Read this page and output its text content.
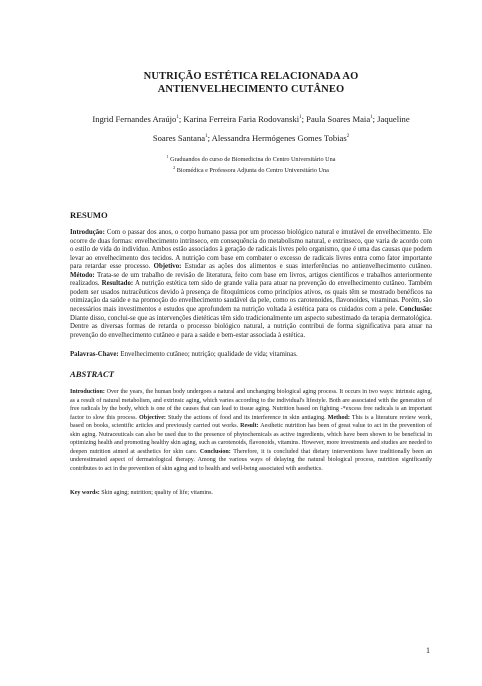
NUTRIÇÃO ESTÉTICA RELACIONADA AO
ANTIENVELHECIMENTO CUTÂNEO
Ingrid Fernandes Araújo$^1$; Karina Ferreira Faria Rodovanski$^1$; Paula Soares Maia$^1$; Jaqueline
Soares Santana$^1$; Alessandra Hermógenes Gomes Tobias$^2$
$^1$ Graduandos do curso de Biomedicina do Centro Universitário Una
$^2$ Biomédica e Professora Adjunta do Centro Universitário Una
RESUMO

Introdução: Com o passar dos anos, o corpo humano passa por um processo biológico natural e imutável de envelhecimento. Ele ocorre de duas formas: envelhecimento intrínseco, em consequência do metabolismo natural, e extrínseco, que varia de acordo com o estilo de vida do indivíduo. Ambos estão associados à geração de radicais livres pelo organismo, que é uma das causas que podem levar ao envelhecimento dos tecidos. A nutrição com base em combater o excesso de radicais livres entra como fator importante para retardar esse processo. Objetivo: Estudar as ações dos alimentos e suas interferências no antienvelhecimento cutâneo. Método: Trata-se de um trabalho de revisão de literatura, feito com base em livros, artigos científicos e trabalhos anteriormente realizados. Resultado: A nutrição estética tem sido de grande valia para atuar na prevenção do envelhecimento cutâneo. Também podem ser usados nutracêuticos devido à presença de fitoquímicos como princípios ativos, os quais têm se mostrado benéficos na otimização da saúde e na promoção do envelhecimento saudável da pele, como os carotenoides, flavonoides, vitaminas. Porém, são necessários mais investimentos e estudos que aprofundem na nutrição voltada à estética para os cuidados com a pele. Conclusão: Diante disso, conclui-se que as intervenções dietéticas têm sido tradicionalmente um aspecto subestimado da terapia dermatológica. Dentre as diversas formas de retarda o processo biológico natural, a nutrição contribui de forma significativa para atuar na prevenção do envelhecimento cutâneo e para a saúde e bem-estar associada à estética.

Palavras-Chave: Envelhecimento cutâneo; nutrição; qualidade de vida; vitaminas.

ABSTRACT

Introduction: Over the years, the human body undergoes a natural and unchanging biological aging process. It occurs in two ways: intrinsic aging, as a result of natural metabolism, and extrinsic aging, which varies according to the individual's lifestyle. Both are associated with the generation of free radicals by the body, which is one of the causes that can lead to tissue aging. Nutrition based on fighting -*excess free radicals is an important factor to slow this process. Objective: Study the actions of food and its interference in skin antiaging. Method: This is a literature review work, based on books, scientific articles and previously carried out works. Result: Aesthetic nutrition has been of great value to act in the prevention of skin aging. Nutraceuticals can also be used due to the presence of phytochemicals as active ingredients, which have been shown to be beneficial in optimizing health and promoting healthy skin aging, such as carotenoids, flavonoids, vitamins. However, more investments and studies are needed to deepen nutrition aimed at aesthetics for skin care. Conclusion: Therefore, it is concluded that dietary interventions have traditionally been an underestimated aspect of dermatological therapy. Among the various ways of delaying the natural biological process, nutrition significantly contributes to act in the prevention of skin aging and to health and well-being associated with aesthetics.

Key words: Skin aging; nutrition; quality of life; vitamins.

1
